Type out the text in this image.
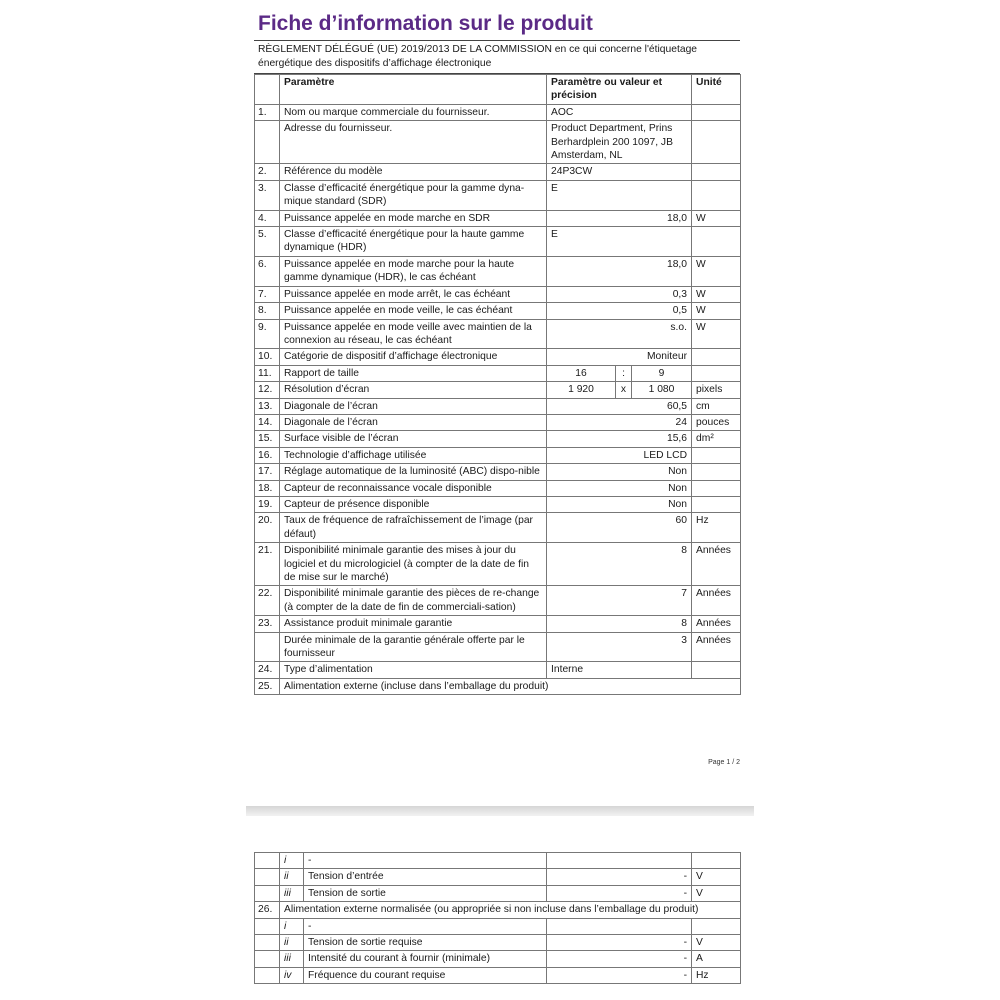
Fiche d’information sur le produit
RÈGLEMENT DÉLÉGUÉ (UE) 2019/2013 DE LA COMMISSION en ce qui concerne l'étiquetage énergétique des dispositifs d’affichage électronique
	Paramètre	Paramètre ou valeur et précision			Unité
1.	Nom ou marque commerciale du fournisseur.	AOC			
	Adresse du fournisseur.	Product Department, Prins Berhardplein 200 1097, JB Amsterdam, NL			
2.	Référence du modèle	24P3CW			
3.	Classe d’efficacité énergétique pour la gamme dyna-mique standard (SDR)	E			
4.	Puissance appelée en mode marche en SDR	18,0			W
5.	Classe d’efficacité énergétique pour la haute gamme dynamique (HDR)	E			
6.	Puissance appelée en mode marche pour la haute gamme dynamique (HDR), le cas échéant	18,0			W
7.	Puissance appelée en mode arrêt, le cas échéant	0,3			W
8.	Puissance appelée en mode veille, le cas échéant	0,5			W
9.	Puissance appelée en mode veille avec maintien de la connexion au réseau, le cas échéant	s.o.			W
10.	Catégorie de dispositif d’affichage électronique	Moniteur			
11.	Rapport de taille	16	:	9	
12.	Résolution d’écran	1 920	x	1 080	pixels
13.	Diagonale de l’écran	60,5			cm
14.	Diagonale de l’écran	24			pouces
15.	Surface visible de l’écran	15,6			dm²
16.	Technologie d’affichage utilisée	LED LCD			
17.	Réglage automatique de la luminosité (ABC) dispo-nible	Non			
18.	Capteur de reconnaissance vocale disponible	Non			
19.	Capteur de présence disponible	Non			
20.	Taux de fréquence de rafraîchissement de l’image (par défaut)	60			Hz
21.	Disponibilité minimale garantie des mises à jour du logiciel et du micrologiciel (à compter de la date de fin de mise sur le marché)	8			Années
22.	Disponibilité minimale garantie des pièces de re-change (à compter de la date de fin de commerciali-sation)	7			Années
23.	Assistance produit minimale garantie	8			Années
	Durée minimale de la garantie générale offerte par le fournisseur	3			Années
24.	Type d’alimentation	Interne			
25.	Alimentation externe (incluse dans l’emballage du produit)				
Page 1 / 2
	i	-		
	ii	Tension d’entrée	-	V
	iii	Tension de sortie	-	V
26.	Alimentation externe normalisée (ou appropriée si non incluse dans l’emballage du produit)			
	i	-		
	ii	Tension de sortie requise	-	V
	iii	Intensité du courant à fournir (minimale)	-	A
	iv	Fréquence du courant requise	-	Hz
